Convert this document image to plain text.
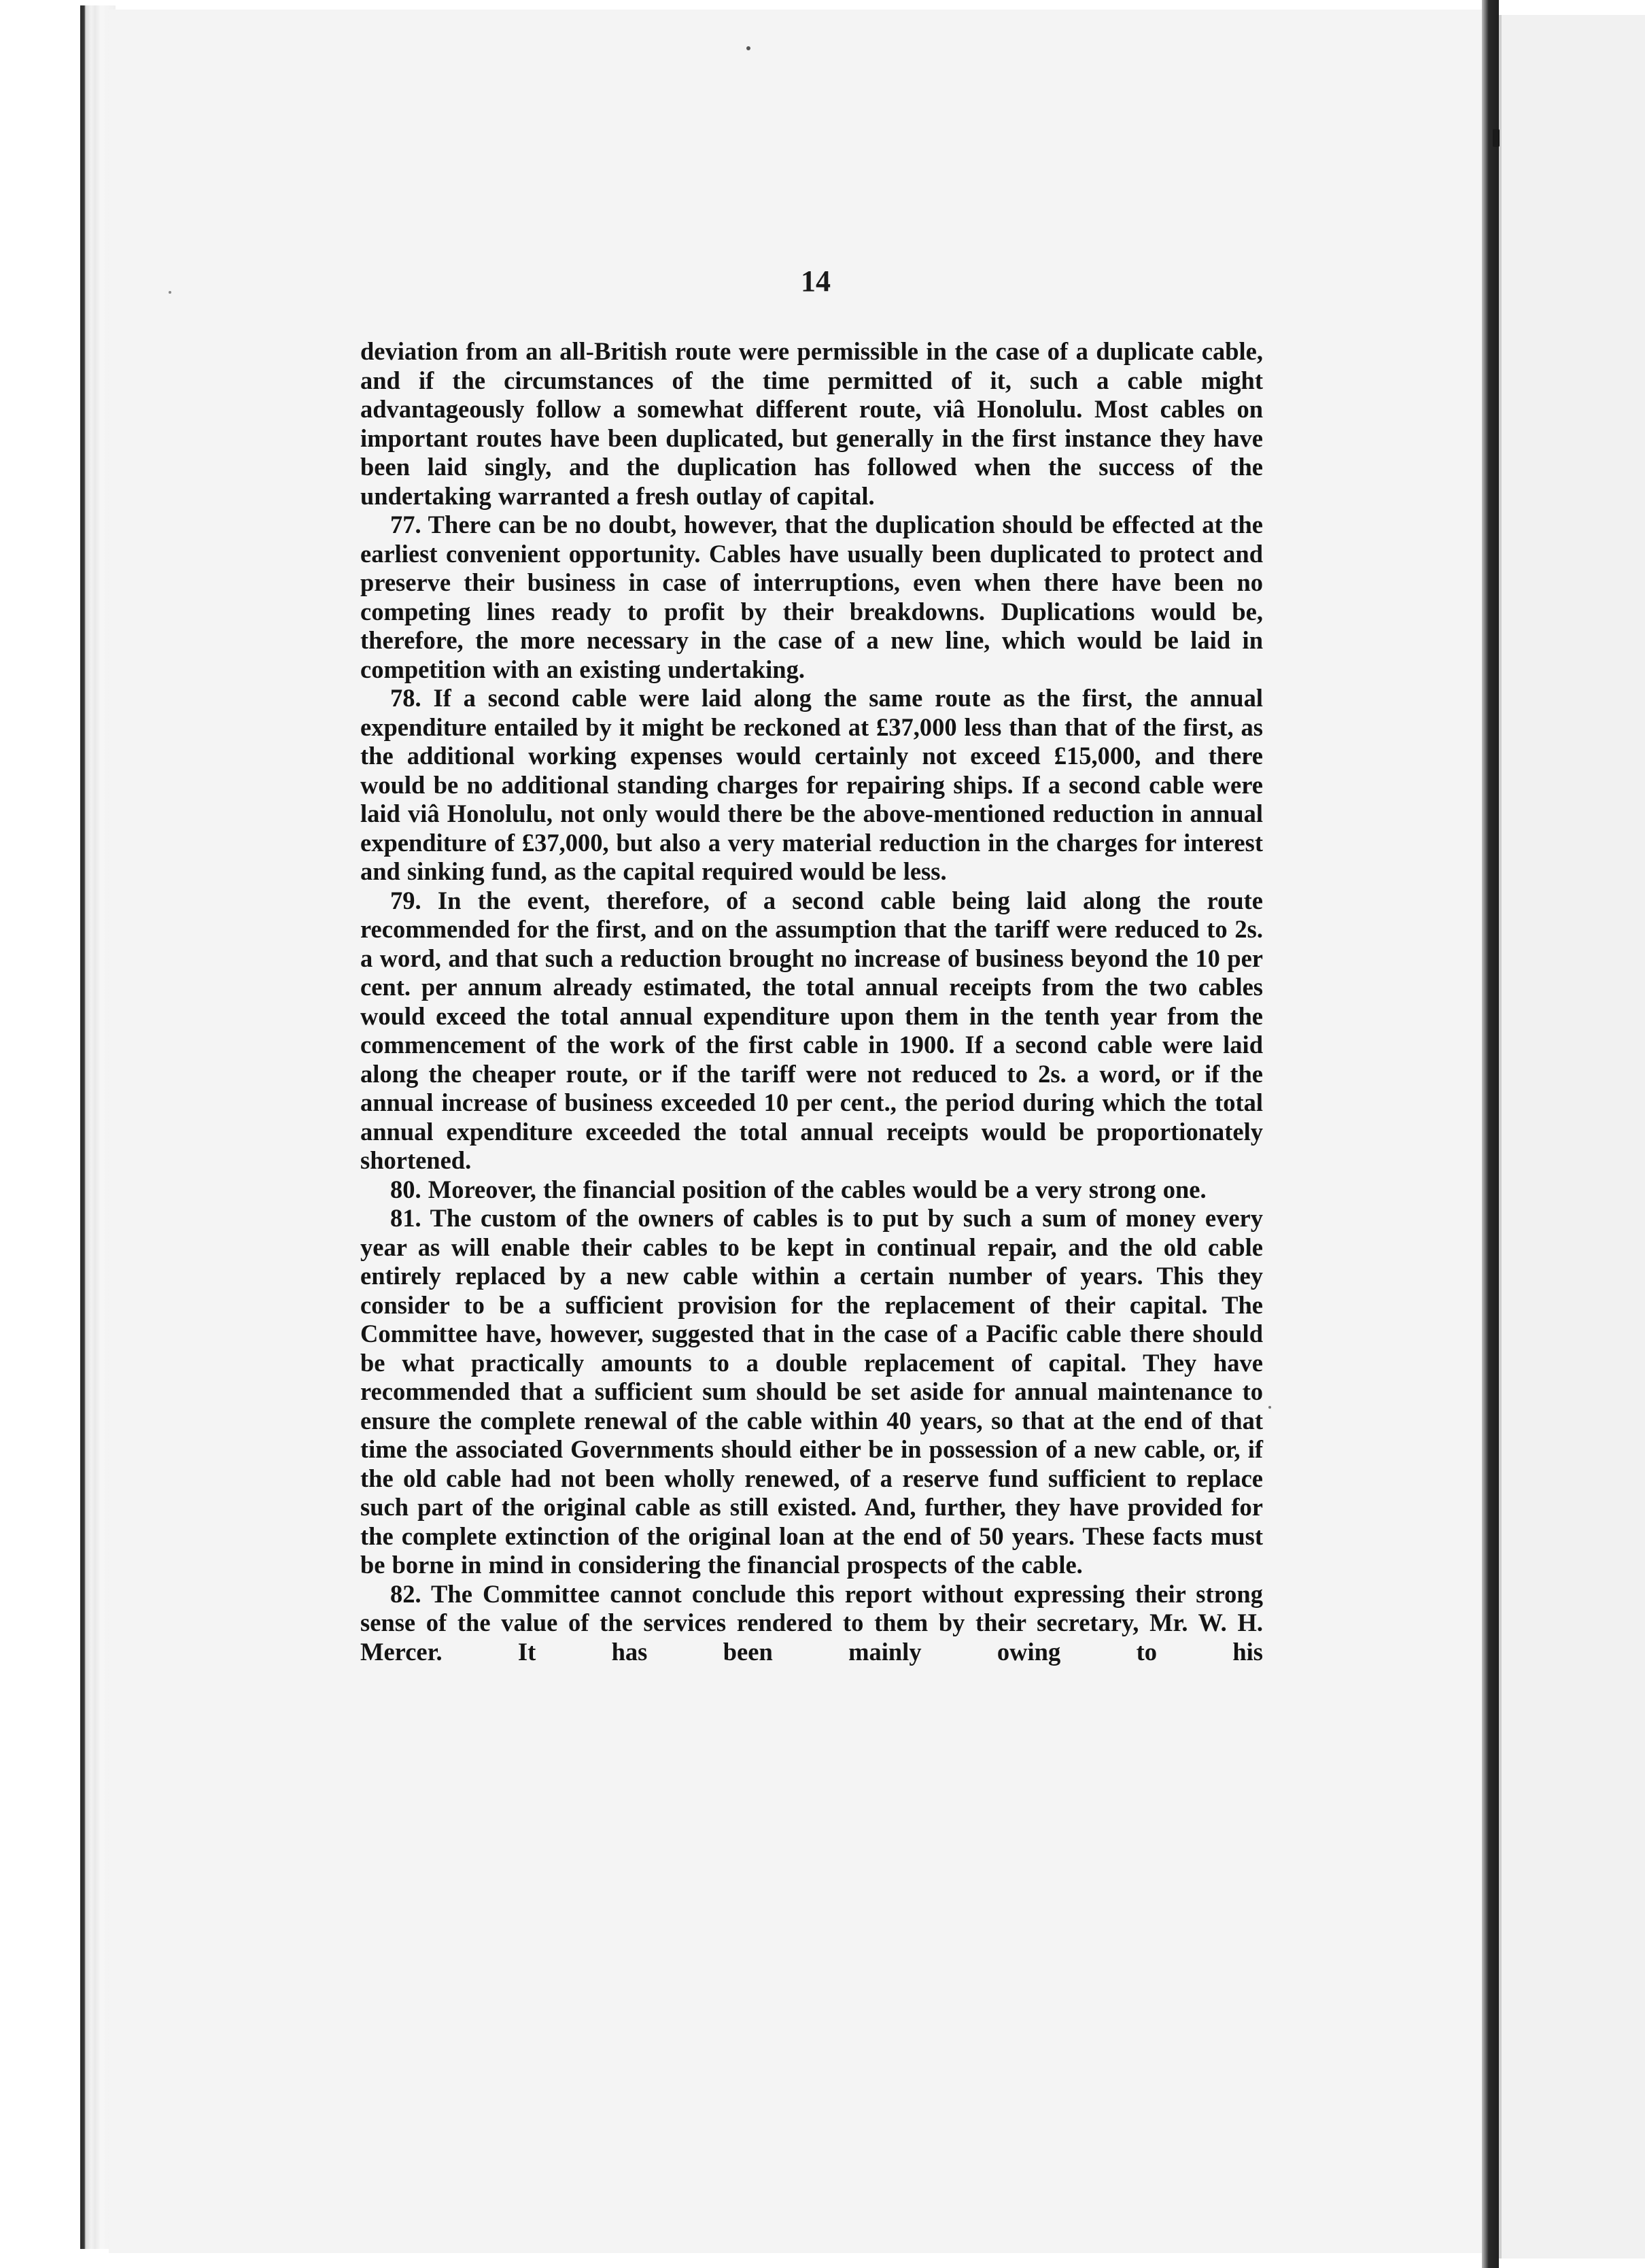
14

deviation from an all-British route were permissible in the case of a duplicate cable, and if the circumstances of the time permitted of it, such a cable might advantageously follow a somewhat different route, viâ Honolulu. Most cables on important routes have been duplicated, but generally in the first instance they have been laid singly, and the duplication has followed when the success of the undertaking warranted a fresh outlay of capital.

77. There can be no doubt, however, that the duplication should be effected at the earliest convenient opportunity. Cables have usually been duplicated to protect and preserve their business in case of interruptions, even when there have been no competing lines ready to profit by their breakdowns. Duplications would be, therefore, the more necessary in the case of a new line, which would be laid in competition with an existing undertaking.

78. If a second cable were laid along the same route as the first, the annual expenditure entailed by it might be reckoned at £37,000 less than that of the first, as the additional working expenses would certainly not exceed £15,000, and there would be no additional standing charges for repairing ships. If a second cable were laid viâ Honolulu, not only would there be the above-mentioned reduction in annual expenditure of £37,000, but also a very material reduction in the charges for interest and sinking fund, as the capital required would be less.

79. In the event, therefore, of a second cable being laid along the route recommended for the first, and on the assumption that the tariff were reduced to 2s. a word, and that such a reduction brought no increase of business beyond the 10 per cent. per annum already estimated, the total annual receipts from the two cables would exceed the total annual expenditure upon them in the tenth year from the commencement of the work of the first cable in 1900. If a second cable were laid along the cheaper route, or if the tariff were not reduced to 2s. a word, or if the annual increase of business exceeded 10 per cent., the period during which the total annual expenditure exceeded the total annual receipts would be proportionately shortened.

80. Moreover, the financial position of the cables would be a very strong one.

81. The custom of the owners of cables is to put by such a sum of money every year as will enable their cables to be kept in continual repair, and the old cable entirely replaced by a new cable within a certain number of years. This they consider to be a sufficient provision for the replacement of their capital. The Committee have, however, suggested that in the case of a Pacific cable there should be what practically amounts to a double replacement of capital. They have recommended that a sufficient sum should be set aside for annual maintenance to ensure the complete renewal of the cable within 40 years, so that at the end of that time the associated Governments should either be in possession of a new cable, or, if the old cable had not been wholly renewed, of a reserve fund sufficient to replace such part of the original cable as still existed. And, further, they have provided for the complete extinction of the original loan at the end of 50 years. These facts must be borne in mind in considering the financial prospects of the cable.

82. The Committee cannot conclude this report without expressing their strong sense of the value of the services rendered to them by their secretary, Mr. W. H. Mercer. It has been mainly owing to his
